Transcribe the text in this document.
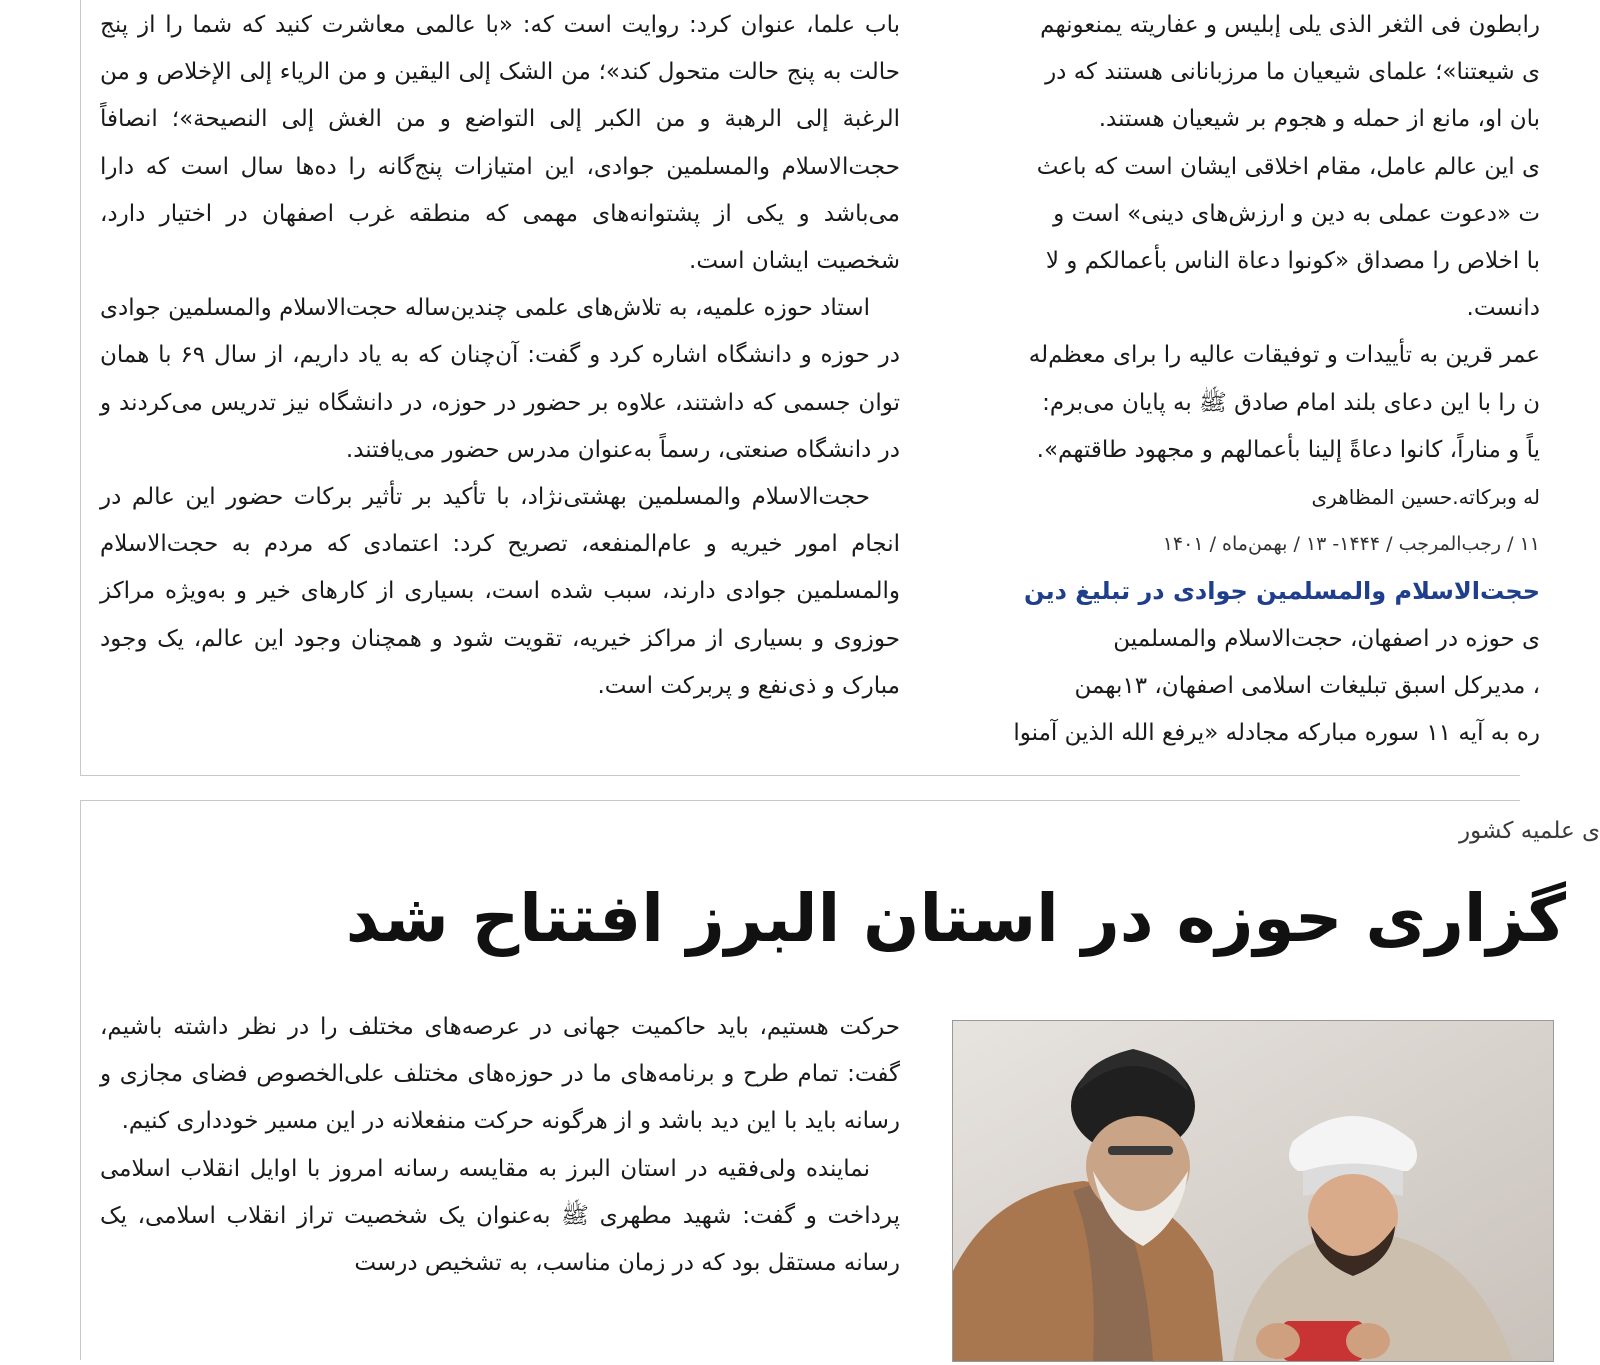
باب علما، عنوان کرد: روایت است که: «با عالمی معاشرت کنید که شما را از پنج حالت به پنج حالت متحول کند»؛ من الشک إلی الیقین و من الریاء إلی الإخلاص و من الرغبة إلی الرهبة و من الکبر إلی التواضع و من الغش إلی النصیحة»؛ انصافاً حجت‌الاسلام والمسلمین جوادی، این امتیازات پنج‌گانه را ده‌ها سال است که دارا می‌باشد و یکی از پشتوانه‌های مهمی که منطقه غرب اصفهان در اختیار دارد، شخصیت ایشان است.

استاد حوزه علمیه، به تلاش‌های علمی چندین‌ساله حجت‌الاسلام والمسلمین جوادی در حوزه و دانشگاه اشاره کرد و گفت: آن‌چنان که به یاد داریم، از سال ۶۹ با همان توان جسمی که داشتند، علاوه بر حضور در حوزه، در دانشگاه نیز تدریس می‌کردند و در دانشگاه صنعتی، رسماً به‌عنوان مدرس حضور می‌یافتند.

حجت‌الاسلام والمسلمین بهشتی‌نژاد، با تأکید بر تأثیر برکات حضور این عالم در انجام امور خیریه و عام‌المنفعه، تصریح کرد: اعتمادی که مردم به حجت‌الاسلام والمسلمین جوادی دارند، سبب شده است، بسیاری از کارهای خیر و به‌ویژه مراکز حوزوی و بسیاری از مراکز خیریه، تقویت شود و همچنان وجود این عالم، یک وجود مبارک و ذی‌نفع و پربرکت است.

رابطون فی الثغر الذی یلی إبلیس و عفاریته یمنعونهم

ی شیعتنا»؛ علمای شیعیان ما مرزبانانی هستند که در

بان او، مانع از حمله و هجوم بر شیعیان هستند.

ی این عالم عامل، مقام اخلاقی ایشان است که باعث

ت «دعوت عملی به دین و ارزش‌های دینی» است و

با اخلاص را مصداق «کونوا دعاة الناس بأعمالکم و لا

دانست.

عمر قرین به تأییدات و توفیقات عالیه را برای معظم‌له

ن را با این دعای بلند امام صادق ﷺ به پایان می‌برم:

یاً و مناراً، کانوا دعاةً إلینا بأعمالهم و مجهود طاقتهم».

له وبرکاته.
حسین المظاهری

۱۱ / رجب‌المرجب / ۱۴۴۴- ۱۳ / بهمن‌ماه / ۱۴۰۱

حجت‌الاسلام والمسلمین جوادی در تبلیغ دین

ی حوزه در اصفهان، حجت‌الاسلام والمسلمین

، مدیرکل اسبق تبلیغات اسلامی اصفهان، ۱۳بهمن

ره به آیه ۱۱ سوره مبارکه مجادله «یرفع الله الذین آمنوا

ی علمیه کشور
گزاری حوزه در استان البرز افتتاح شد

حرکت هستیم، باید حاکمیت جهانی در عرصه‌های مختلف را در نظر داشته باشیم، گفت: تمام طرح و برنامه‌های ما در حوزه‌های مختلف علی‌الخصوص فضای مجازی و رسانه باید با این دید باشد و از هرگونه حرکت منفعلانه در این مسیر خودداری کنیم.

نماینده ولی‌فقیه در استان البرز به مقایسه رسانه امروز با اوایل انقلاب اسلامی پرداخت و گفت: شهید مطهری ﷺ به‌عنوان یک شخصیت تراز انقلاب اسلامی، یک رسانه مستقل بود که در زمان مناسب، به تشخیص درست
